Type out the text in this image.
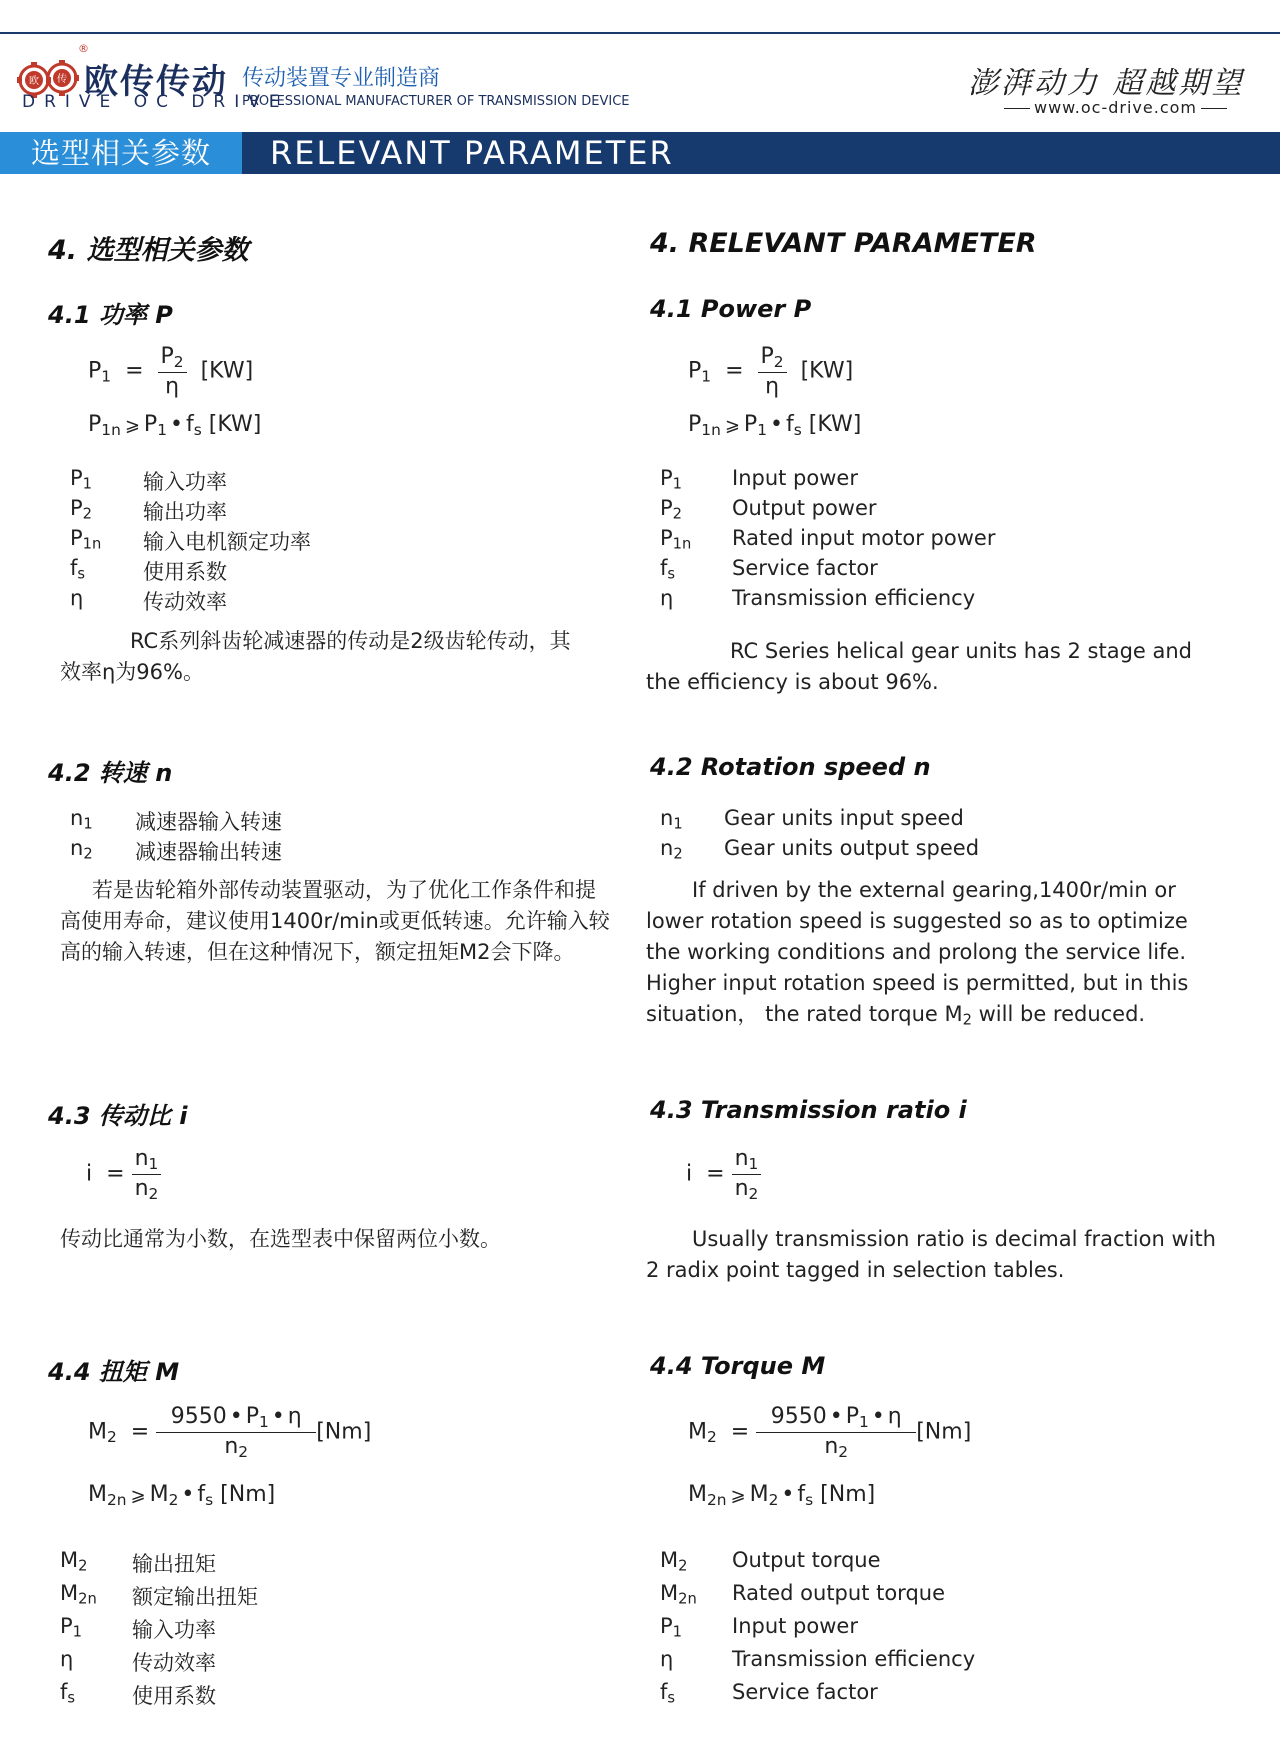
欧 传
®
欧传传动
DRIVE OC DRIVE
传动装置专业制造商
PROFESSIONAL MANUFACTURER OF TRANSMISSION DEVICE
澎湃动力 超越期望
www.oc-drive.com
选型相关参数	RELEVANT PARAMETER
4. 选型相关参数
4.1 功率 P
$P_1 = \frac{P_2}{\eta} [KW]$
$P_{1n}$ ⩾ $P_1$ • $f_s$ [KW]
$P_1$
$P_2$
$P_{1n}$
$f_s$
η
输入功率
输出功率
输入电机额定功率
使用系数
传动效率
RC系列斜齿轮减速器的传动是2级齿轮传动，其效率η为96%。
4.2 转速 n
$n_1$
$n_2$
减速器输入转速
减速器输出转速
若是齿轮箱外部传动装置驱动，为了优化工作条件和提高使用寿命，建议使用1400r/min或更低转速。允许输入较高的输入转速，但在这种情况下，额定扭矩M2会下降。
4.3 传动比 i
$i = \frac{n_1}{n_2}$
传动比通常为小数，在选型表中保留两位小数。
4.4 扭矩 M
$M_2 = \frac{9550 • P_1 • \eta}{n_2} [Nm]$
$M_{2n}$ ⩾ $M_2$ • $f_s$ [Nm]
$M_2$
$M_{2n}$
$P_1$
η
$f_s$
输出扭矩
额定输出扭矩
输入功率
传动效率
使用系数
4. RELEVANT PARAMETER
4.1 Power P
$P_1 = \frac{P_2}{\eta} [KW]$
$P_{1n}$ ⩾ $P_1$ • $f_s$ [KW]
$P_1$
$P_2$
$P_{1n}$
$f_s$
η
Input power
Output power
Rated input motor power
Service factor
Transmission efficiency
RC Series helical gear units has 2 stage and the efficiency is about 96%.
4.2 Rotation speed n
$n_1$
$n_2$
Gear units input speed
Gear units output speed
If driven by the external gearing,1400r/min or lower rotation speed is suggested so as to optimize the working conditions and prolong the service life. Higher input rotation speed is permitted, but in this situation， the rated torque $M_2$ will be reduced.
4.3 Transmission ratio i
$i = \frac{n_1}{n_2}$
Usually transmission ratio is decimal fraction with 2 radix point tagged in selection tables.
4.4 Torque M
$M_2 = \frac{9550 • P_1 • \eta}{n_2} [Nm]$
$M_{2n}$ ⩾ $M_2$ • $f_s$ [Nm]
$M_2$
$M_{2n}$
$P_1$
η
$f_s$
Output torque
Rated output torque
Input power
Transmission efficiency
Service factor
